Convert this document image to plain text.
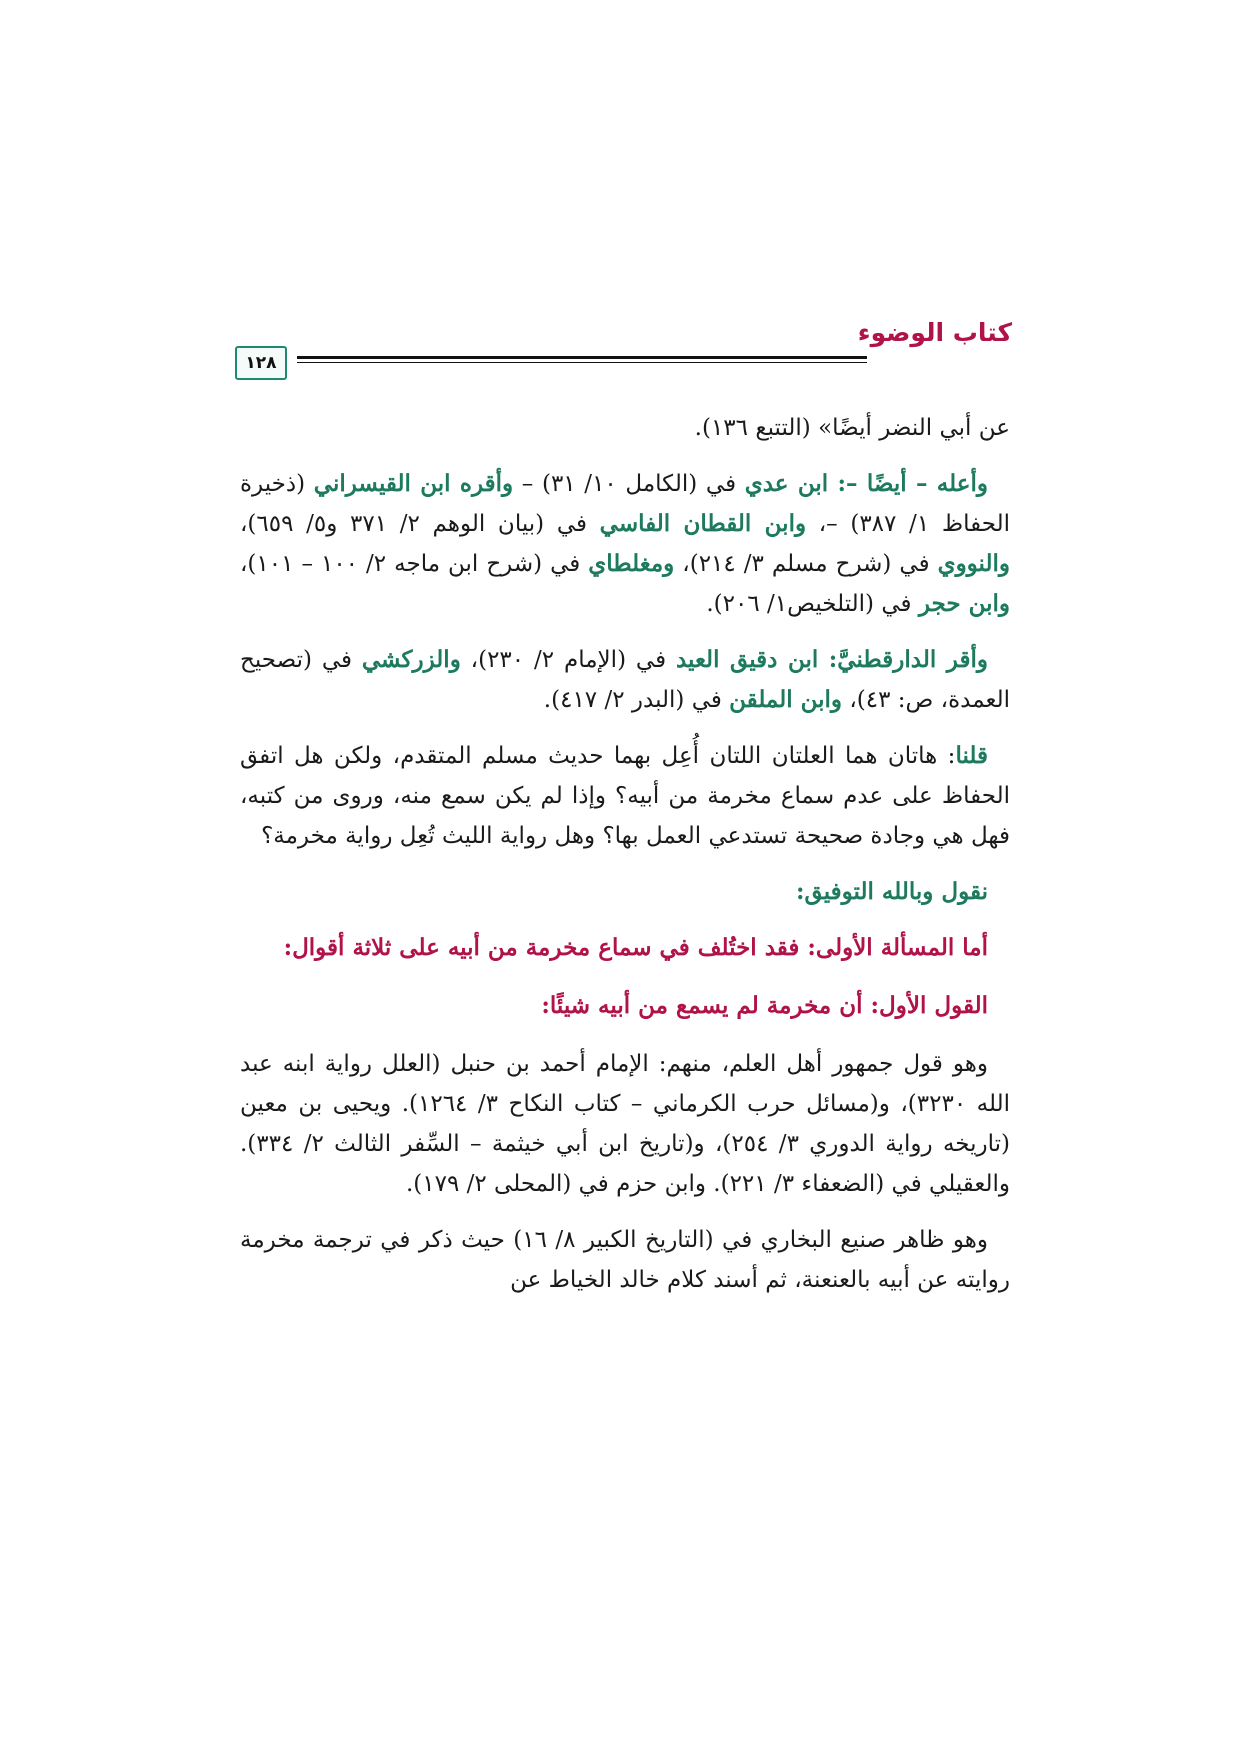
كتاب الوضوء
١٢٨

عن أبي النضر أيضًا» (التتبع ١٣٦).

وأعله – أيضًا –: ابن عدي في (الكامل ١٠/ ٣١) – وأقره ابن القيسراني (ذخيرة الحفاظ ١/ ٣٨٧) –، وابن القطان الفاسي في (بيان الوهم ٢/ ٣٧١ و٥/ ٦٥٩)، والنووي في (شرح مسلم ٣/ ٢١٤)، ومغلطاي في (شرح ابن ماجه ٢/ ١٠٠ – ١٠١)، وابن حجر في (التلخيص١/ ٢٠٦).

وأقر الدارقطنيَّ: ابن دقيق العيد في (الإمام ٢/ ٢٣٠)، والزركشي في (تصحيح العمدة، ص: ٤٣)، وابن الملقن في (البدر ٢/ ٤١٧).

قلنا: هاتان هما العلتان اللتان أُعِل بهما حديث مسلم المتقدم، ولكن هل اتفق الحفاظ على عدم سماع مخرمة من أبيه؟ وإذا لم يكن سمع منه، وروى من كتبه، فهل هي وجادة صحيحة تستدعي العمل بها؟ وهل رواية الليث تُعِل رواية مخرمة؟

نقول وبالله التوفيق:

أما المسألة الأولى: فقد اختُلف في سماع مخرمة من أبيه على ثلاثة أقوال:

القول الأول: أن مخرمة لم يسمع من أبيه شيئًا:

وهو قول جمهور أهل العلم، منهم: الإمام أحمد بن حنبل (العلل رواية ابنه عبد الله ٣٢٣٠)، و(مسائل حرب الكرماني – كتاب النكاح ٣/ ١٢٦٤). ويحيى بن معين (تاريخه رواية الدوري ٣/ ٢٥٤)، و(تاريخ ابن أبي خيثمة – السِّفر الثالث ٢/ ٣٣٤). والعقيلي في (الضعفاء ٣/ ٢٢١). وابن حزم في (المحلى ٢/ ١٧٩).

وهو ظاهر صنيع البخاري في (التاريخ الكبير ٨/ ١٦) حيث ذكر في ترجمة مخرمة روايته عن أبيه بالعنعنة، ثم أسند كلام خالد الخياط عن
